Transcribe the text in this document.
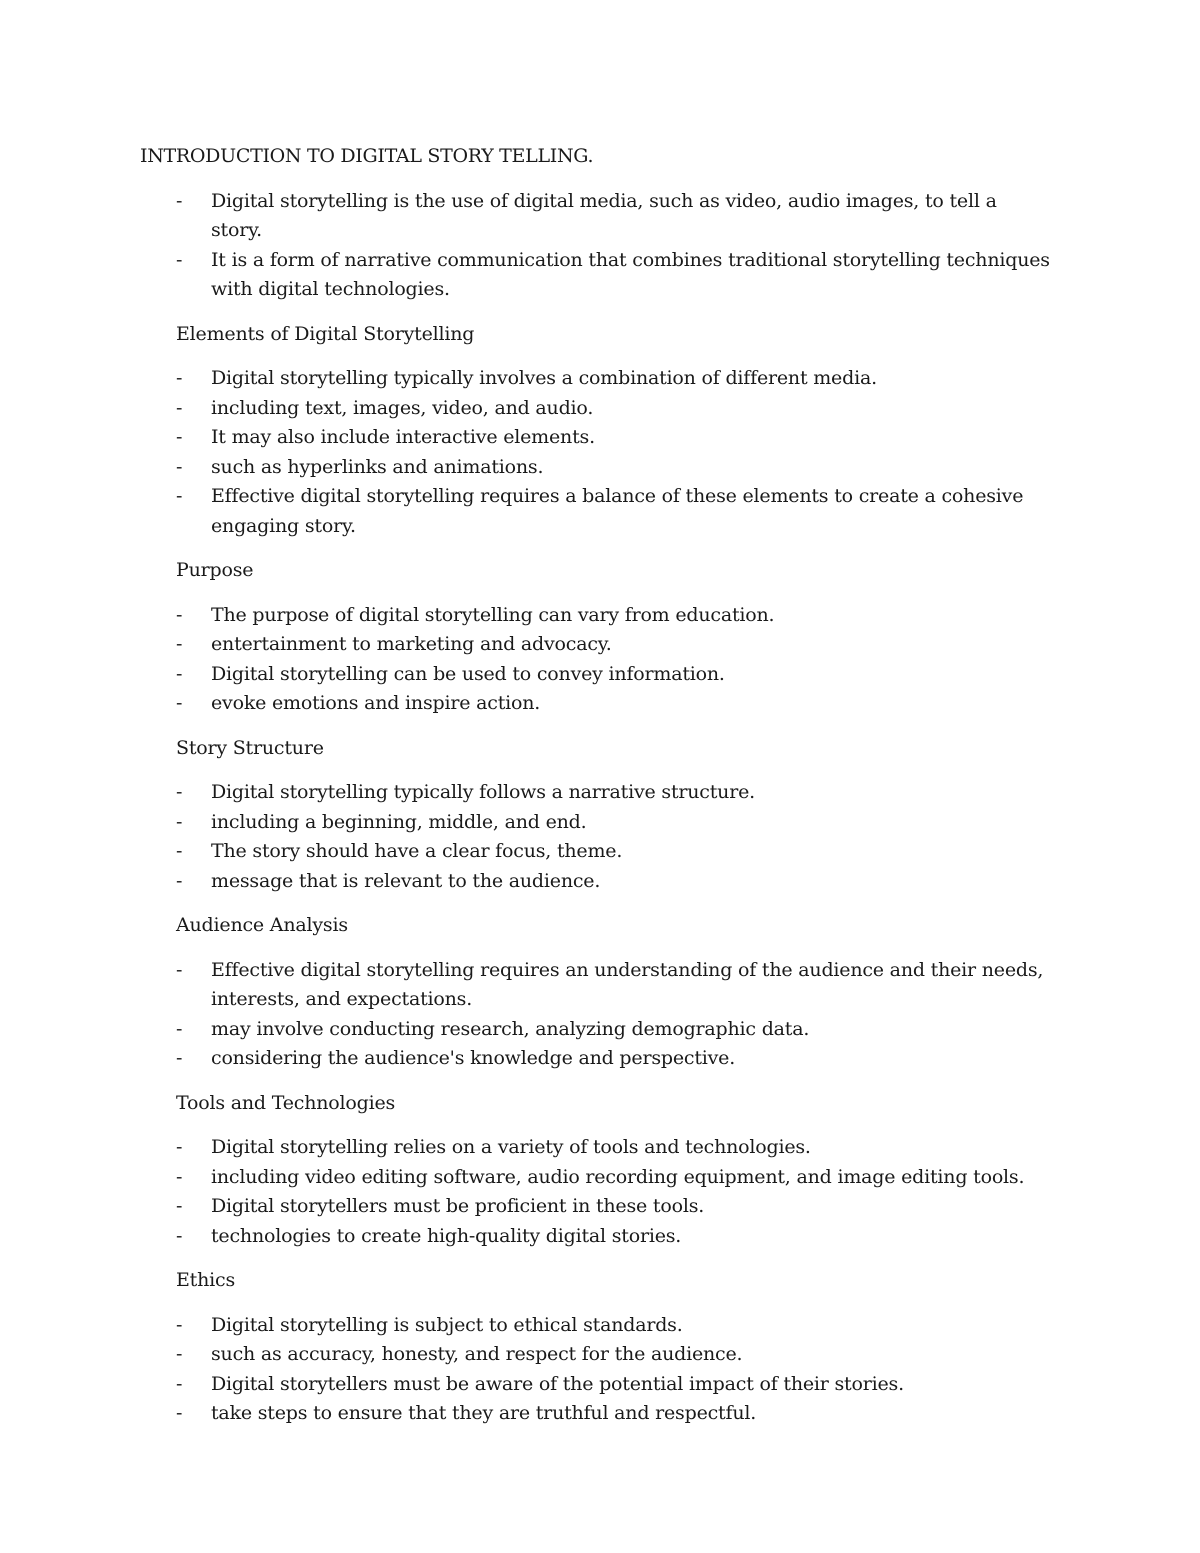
INTRODUCTION TO DIGITAL STORY TELLING.
-	Digital storytelling is the use of digital media, such as video, audio images, to tell a story.
-	It is a form of narrative communication that combines traditional storytelling techniques with digital technologies.
Elements of Digital Storytelling
-	Digital storytelling typically involves a combination of different media.
-	including text, images, video, and audio.
-	It may also include interactive elements.
-	such as hyperlinks and animations.
-	Effective digital storytelling requires a balance of these elements to create a cohesive engaging story.
Purpose
-	The purpose of digital storytelling can vary from education.
-	entertainment to marketing and advocacy.
-	Digital storytelling can be used to convey information.
-	evoke emotions and inspire action.
Story Structure
-	Digital storytelling typically follows a narrative structure.
-	including a beginning, middle, and end.
-	The story should have a clear focus, theme.
-	message that is relevant to the audience.
Audience Analysis
-	Effective digital storytelling requires an understanding of the audience and their needs, interests, and expectations.
-	may involve conducting research, analyzing demographic data.
-	considering the audience's knowledge and perspective.
Tools and Technologies
-	Digital storytelling relies on a variety of tools and technologies.
-	including video editing software, audio recording equipment, and image editing tools.
-	Digital storytellers must be proficient in these tools.
-	technologies to create high-quality digital stories.
Ethics
-	Digital storytelling is subject to ethical standards.
-	such as accuracy, honesty, and respect for the audience.
-	Digital storytellers must be aware of the potential impact of their stories.
-	take steps to ensure that they are truthful and respectful.
